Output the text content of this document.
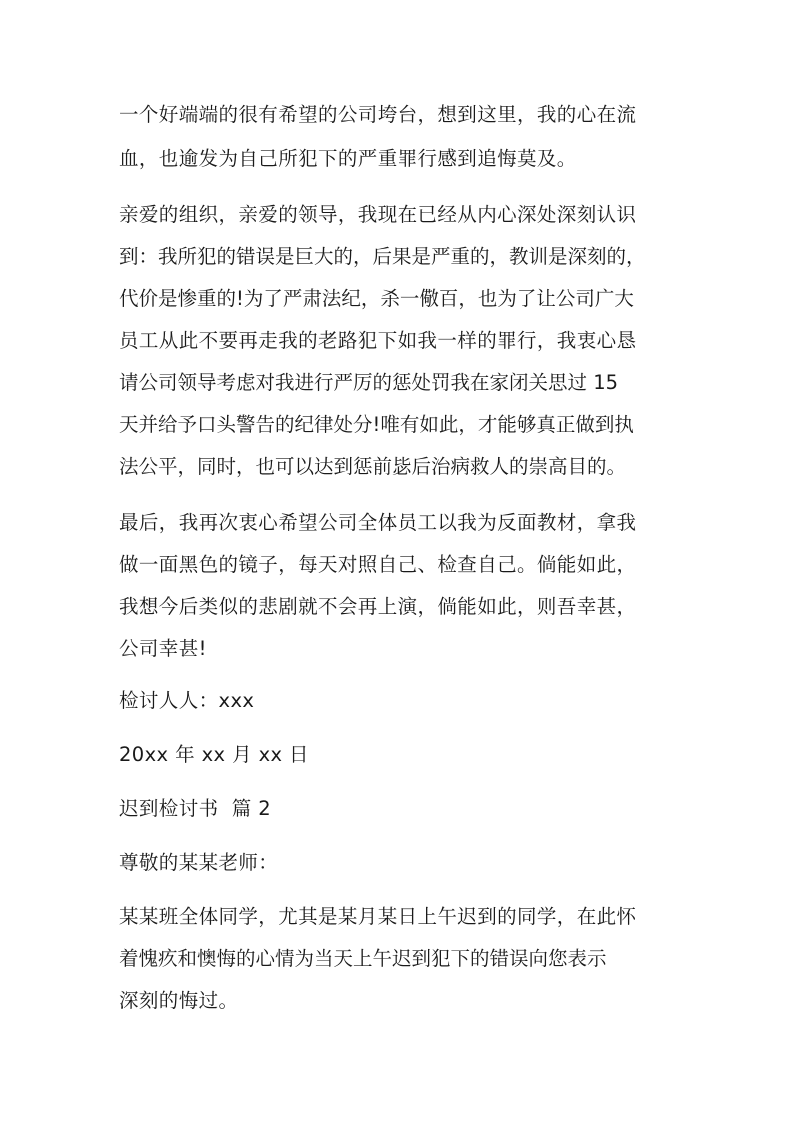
一个好端端的很有希望的公司垮台，想到这里，我的心在流
血，也逾发为自己所犯下的严重罪行感到追悔莫及。
亲爱的组织，亲爱的领导，我现在已经从内心深处深刻认识
到：我所犯的错误是巨大的，后果是严重的，教训是深刻的，
代价是惨重的!为了严肃法纪，杀一儆百，也为了让公司广大
员工从此不要再走我的老路犯下如我一样的罪行，我衷心恳
请公司领导考虑对我进行严厉的惩处罚我在家闭关思过 15
天并给予口头警告的纪律处分!唯有如此，才能够真正做到执
法公平，同时，也可以达到惩前毖后治病救人的崇高目的。
最后，我再次衷心希望公司全体员工以我为反面教材，拿我
做一面黑色的镜子，每天对照自己、检查自己。倘能如此，
我想今后类似的悲剧就不会再上演，倘能如此，则吾幸甚，
公司幸甚!
检讨人人：xxx
20xx 年 xx 月 xx 日
迟到检讨书  篇 2
尊敬的某某老师：
某某班全体同学，尤其是某月某日上午迟到的同学，在此怀
着愧疚和懊悔的心情为当天上午迟到犯下的错误向您表示
深刻的悔过。
